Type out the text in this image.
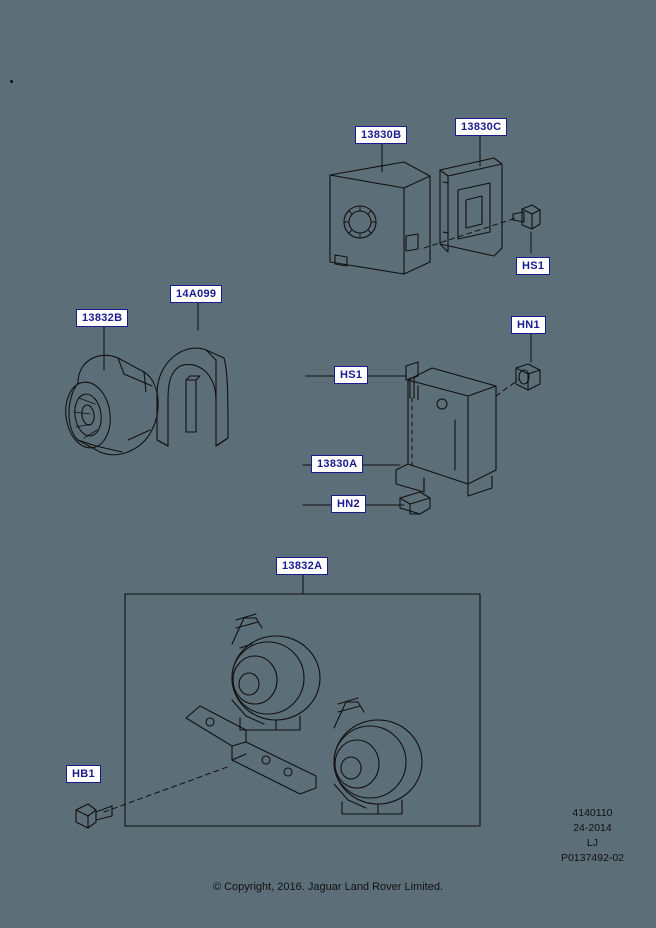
13830B
13830C
HS1
14A099
13832B
HN1
HS1
13830A
HN2
13832A
HB1
4140110
24-2014
LJ
P0137492-02
© Copyright, 2016. Jaguar Land Rover Limited.
